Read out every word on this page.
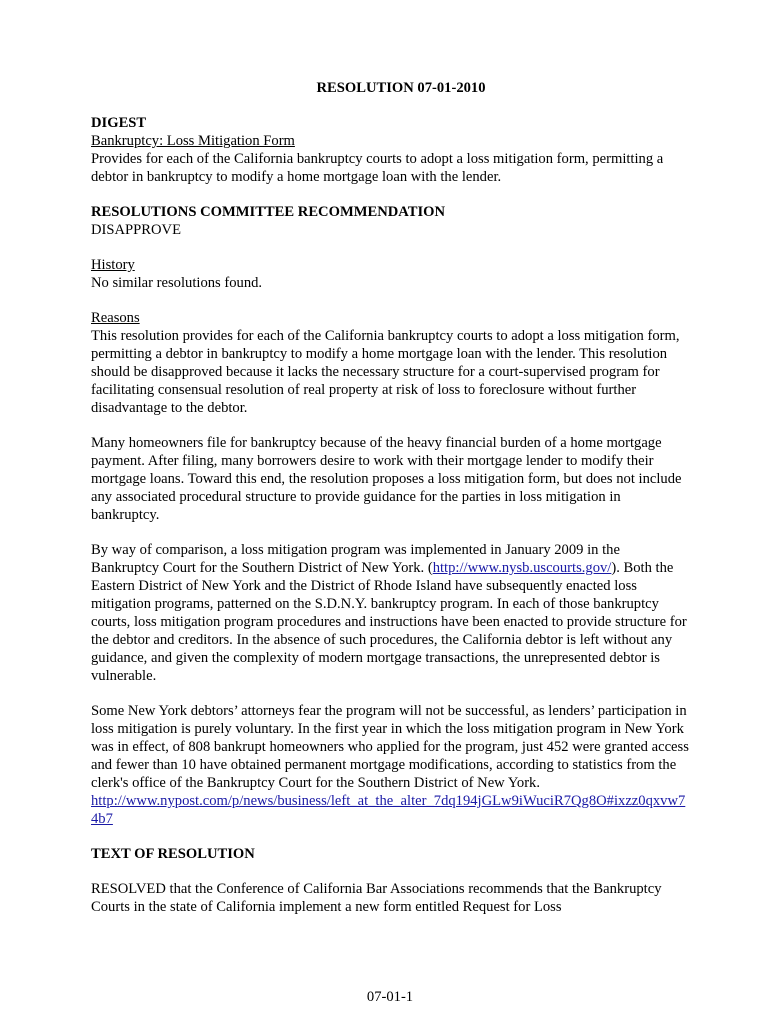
RESOLUTION 07-01-2010
DIGEST
Bankruptcy: Loss Mitigation Form
Provides for each of the California bankruptcy courts to adopt a loss mitigation form, permitting a debtor in bankruptcy to modify a home mortgage loan with the lender.
RESOLUTIONS COMMITTEE RECOMMENDATION
DISAPPROVE
History
No similar resolutions found.
Reasons
This resolution provides for each of the California bankruptcy courts to adopt a loss mitigation form, permitting a debtor in bankruptcy to modify a home mortgage loan with the lender. This resolution should be disapproved because it lacks the necessary structure for a court-supervised program for facilitating consensual resolution of real property at risk of loss to foreclosure without further disadvantage to the debtor.
Many homeowners file for bankruptcy because of the heavy financial burden of a home mortgage payment. After filing, many borrowers desire to work with their mortgage lender to modify their mortgage loans. Toward this end, the resolution proposes a loss mitigation form, but does not include any associated procedural structure to provide guidance for the parties in loss mitigation in bankruptcy.
By way of comparison, a loss mitigation program was implemented in January 2009 in the Bankruptcy Court for the Southern District of New York. (http://www.nysb.uscourts.gov/). Both the Eastern District of New York and the District of Rhode Island have subsequently enacted loss mitigation programs, patterned on the S.D.N.Y. bankruptcy program. In each of those bankruptcy courts, loss mitigation program procedures and instructions have been enacted to provide structure for the debtor and creditors. In the absence of such procedures, the California debtor is left without any guidance, and given the complexity of modern mortgage transactions, the unrepresented debtor is vulnerable.
Some New York debtors’ attorneys fear the program will not be successful, as lenders’ participation in loss mitigation is purely voluntary. In the first year in which the loss mitigation program in New York was in effect, of 808 bankrupt homeowners who applied for the program, just 452 were granted access and fewer than 10 have obtained permanent mortgage modifications, according to statistics from the clerk's office of the Bankruptcy Court for the Southern District of New York.
http://www.nypost.com/p/news/business/left_at_the_alter_7dq194jGLw9iWuciR7Qg8O#ixzz0qxvw74b7
TEXT OF RESOLUTION
RESOLVED that the Conference of California Bar Associations recommends that the Bankruptcy Courts in the state of California implement a new form entitled Request for Loss
07-01-1
